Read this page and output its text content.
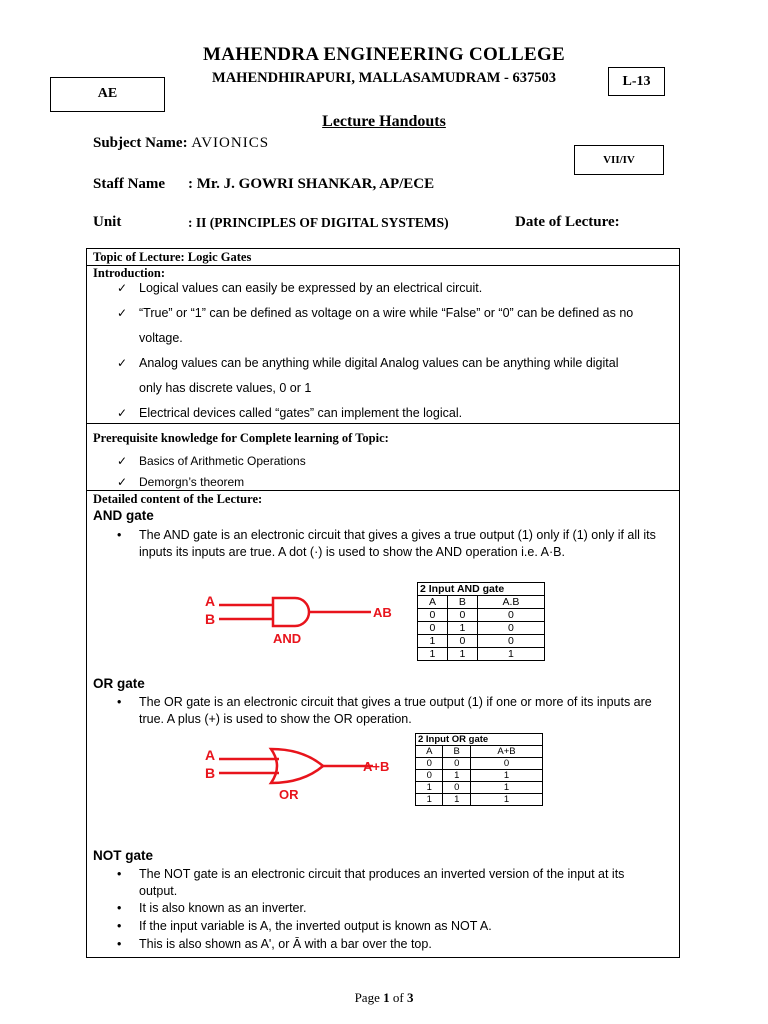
MAHENDRA ENGINEERING COLLEGE
MAHENDHIRAPURI, MALLASAMUDRAM - 637503
AE
L-13
Lecture Handouts
VII/IV
Subject Name: AVIONICS
Staff Name : Mr. J. GOWRI SHANKAR, AP/ECE
Unit	: II (PRINCIPLES OF DIGITAL SYSTEMS)	Date of Lecture:
Topic of Lecture: Logic Gates
Introduction:
✓ Logical values can easily be expressed by an electrical circuit.
✓ “True” or “1” can be defined as voltage on a wire while “False” or “0” can be defined as no voltage.
✓ Analog values can be anything while digital Analog values can be anything while digital only has discrete values, 0 or 1
✓ Electrical devices called “gates” can implement the logical.
Prerequisite knowledge for Complete learning of Topic:
✓ Basics of Arithmetic Operations
✓ Demorgn’s theorem
Detailed content of the Lecture:
AND gate
•	The AND gate is an electronic circuit that gives a gives a true output (1) only if (1) only if all its inputs its inputs are true. A dot (·) is used to show the AND operation i.e. A·B.
A
B	AB
AND
2 Input AND gate		
A	B	A.B
0	0	0
0	1	0
1	0	0
1	1	1
OR gate
•	The OR gate is an electronic circuit that gives a true output (1) if one or more of its inputs are true. A plus (+) is used to show the OR operation.
A
B	A+B
OR
2 Input OR gate		
A	B	A+B
0	0	0
0	1	1
1	0	1
1	1	1
NOT gate
•	The NOT gate is an electronic circuit that produces an inverted version of the input at its output.
•	It is also known as an inverter.
•	If the input variable is A, the inverted output is known as NOT A.
•	This is also shown as A', or Ā with a bar over the top.
Page 1 of 3
